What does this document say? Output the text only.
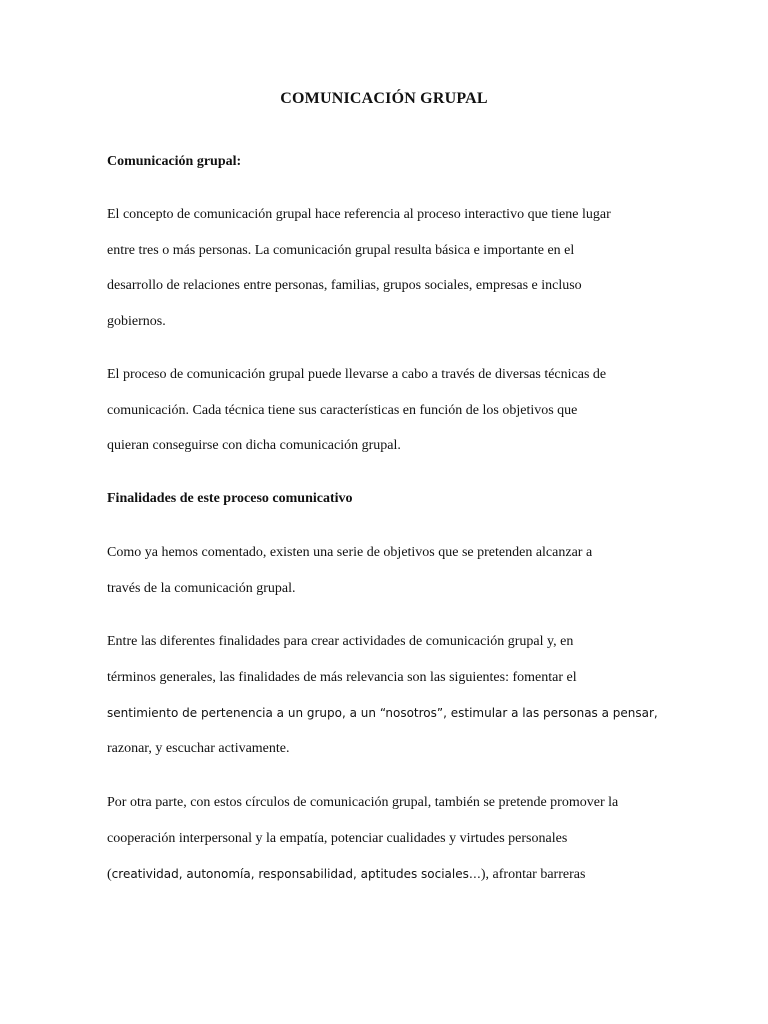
COMUNICACIÓN GRUPAL
Comunicación grupal:
El concepto de comunicación grupal hace referencia al proceso interactivo que tiene lugar
entre tres o más personas. La comunicación grupal resulta básica e importante en el
desarrollo de relaciones entre personas, familias, grupos sociales, empresas e incluso
gobiernos.
El proceso de comunicación grupal puede llevarse a cabo a través de diversas técnicas de
comunicación. Cada técnica tiene sus características en función de los objetivos que
quieran conseguirse con dicha comunicación grupal.
Finalidades de este proceso comunicativo
Como ya hemos comentado, existen una serie de objetivos que se pretenden alcanzar a
través de la comunicación grupal.
Entre las diferentes finalidades para crear actividades de comunicación grupal y, en
términos generales, las finalidades de más relevancia son las siguientes: fomentar el
sentimiento de pertenencia a un grupo, a un “nosotros”, estimular a las personas a pensar,
razonar, y escuchar activamente.
Por otra parte, con estos círculos de comunicación grupal, también se pretende promover la
cooperación interpersonal y la empatía, potenciar cualidades y virtudes personales
(creatividad, autonomía, responsabilidad, aptitudes sociales…), afrontar barreras
